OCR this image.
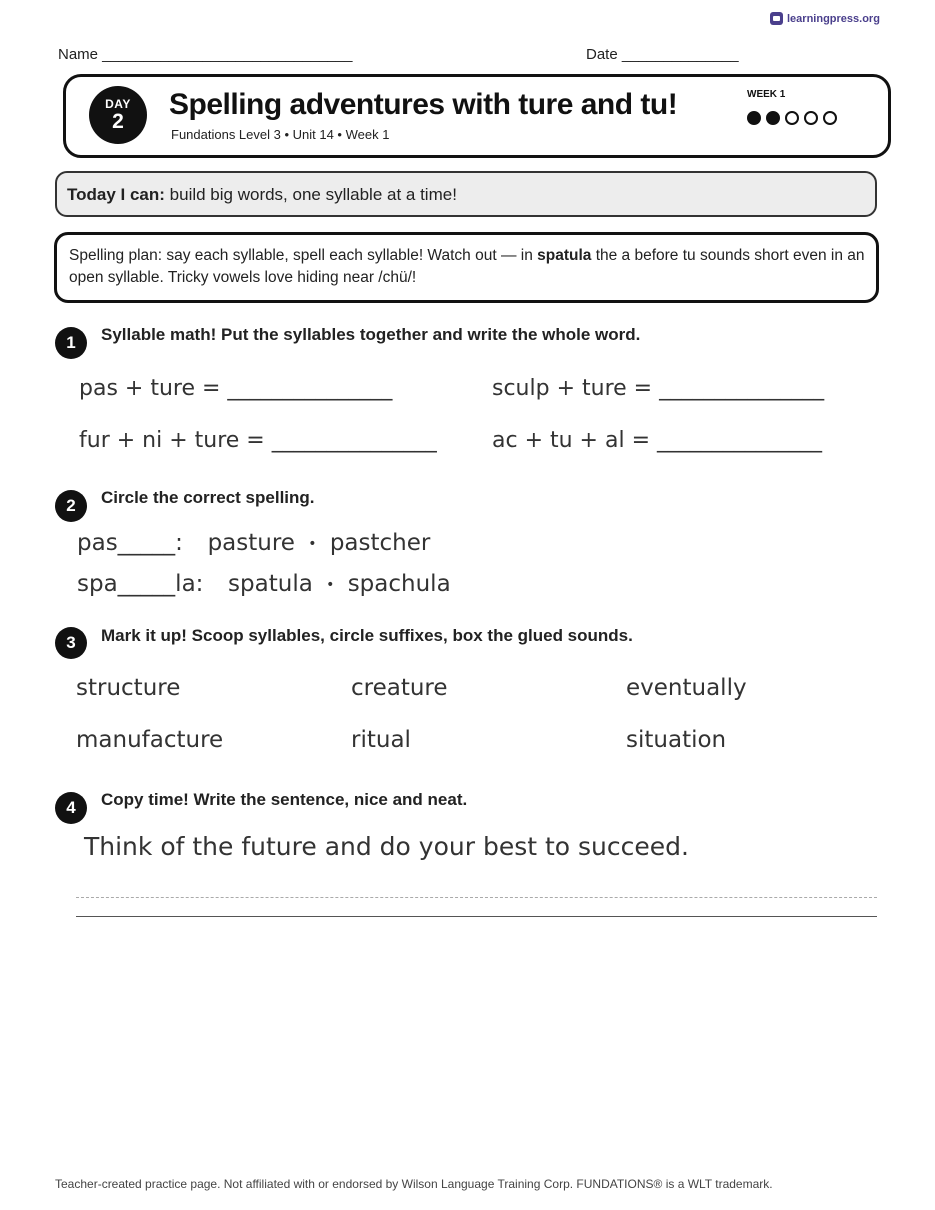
learningpress.org
Name ______________________________	Date ______________
DAY
2
Spelling adventures with ture and tu!
Fundations Level 3 • Unit 14 • Week 1
WEEK 1
Today I can: build big words, one syllable at a time!
Spelling plan: say each syllable, spell each syllable! Watch out — in spatula the a before tu sounds short even in an open syllable. Tricky vowels love hiding near /chü/!
1	Syllable math! Put the syllables together and write the whole word.
pas + ture = _______________	sculp + ture = _______________
fur + ni + ture = _______________	ac + tu + al = _______________
2	Circle the correct spelling.
pas_____: pasture • pastcher
spa_____la: spatula • spachula
3	Mark it up! Scoop syllables, circle suffixes, box the glued sounds.
structure	creature	eventually
manufacture	ritual	situation
4	Copy time! Write the sentence, nice and neat.
Think of the future and do your best to succeed.
Teacher-created practice page. Not affiliated with or endorsed by Wilson Language Training Corp. FUNDATIONS® is a WLT trademark.
